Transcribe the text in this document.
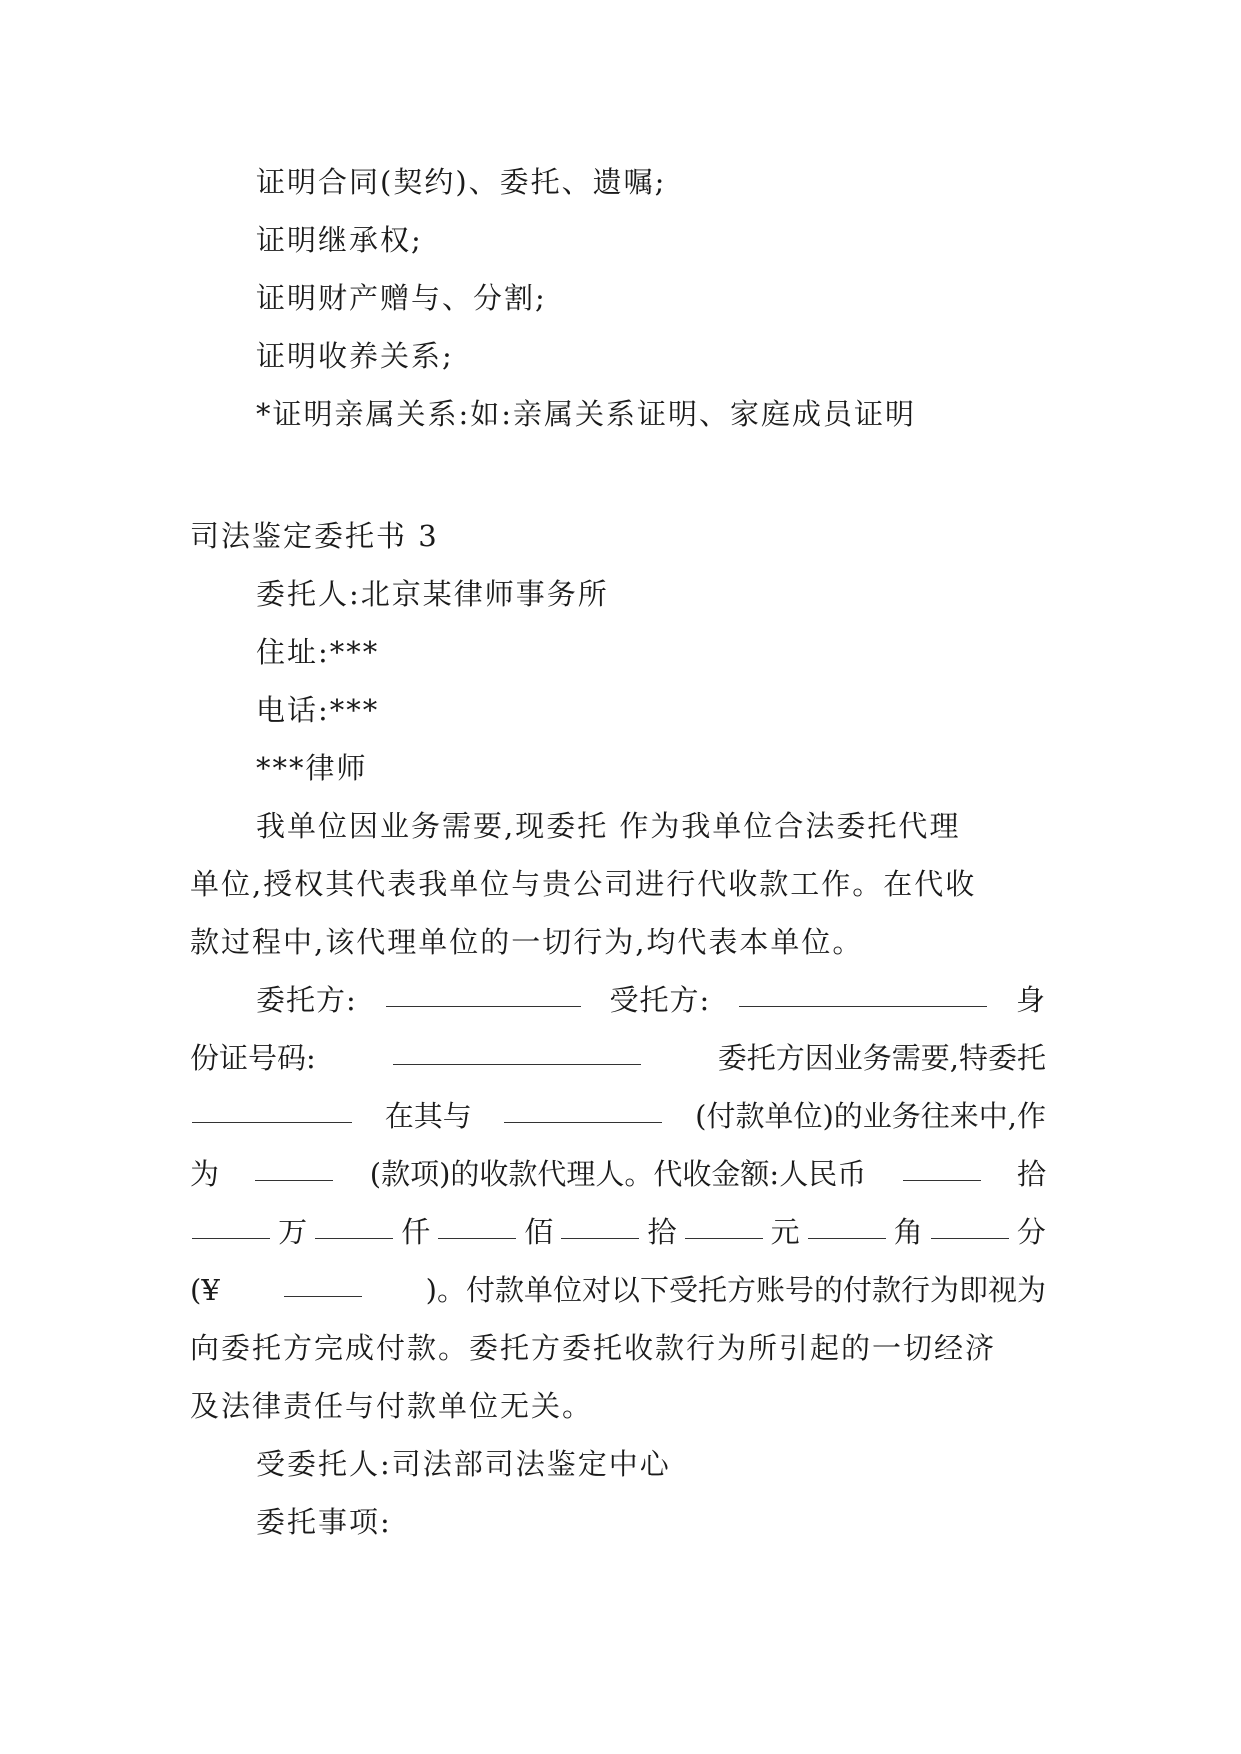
证明合同(契约)、委托、遗嘱;
证明继承权;
证明财产赠与、分割;
证明收养关系;
*证明亲属关系:如:亲属关系证明、家庭成员证明
司法鉴定委托书 3
委托人:北京某律师事务所
住址:***
电话:***
***律师
我单位因业务需要,现委托 作为我单位合法委托代理
单位,授权其代表我单位与贵公司进行代收款工作。在代收
款过程中,该代理单位的一切行为,均代表本单位。
委托方:	受托方:	身
份证号码:	委托方因业务需要,特委托
在其与	(付款单位)的业务往来中,作
为	(款项)的收款代理人。代收金额:人民币	拾
万	仟	佰	拾	元	角	分
(¥	)。付款单位对以下受托方账号的付款行为即视为
向委托方完成付款。委托方委托收款行为所引起的一切经济
及法律责任与付款单位无关。
受委托人:司法部司法鉴定中心
委托事项:
